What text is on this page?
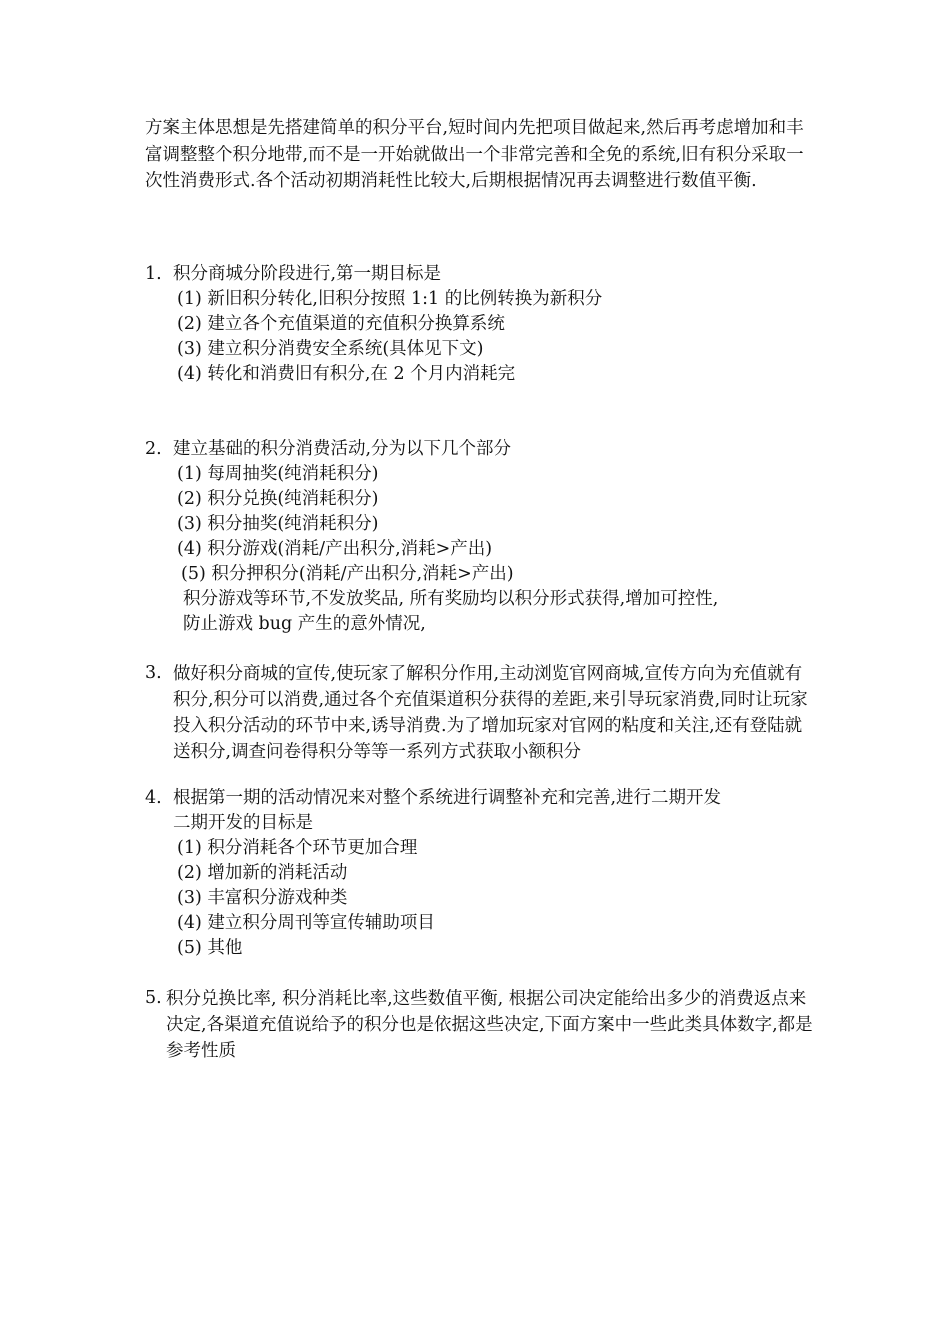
方案主体思想是先搭建简单的积分平台,短时间内先把项目做起来,然后再考虑增加和丰富调整整个积分地带,而不是一开始就做出一个非常完善和全免的系统,旧有积分采取一次性消费形式.各个活动初期消耗性比较大,后期根据情况再去调整进行数值平衡.
1. 积分商城分阶段进行,第一期目标是
(1) 新旧积分转化,旧积分按照 1:1 的比例转换为新积分
(2) 建立各个充值渠道的充值积分换算系统
(3) 建立积分消费安全系统(具体见下文)
(4) 转化和消费旧有积分,在 2 个月内消耗完
2. 建立基础的积分消费活动,分为以下几个部分
(1) 每周抽奖(纯消耗积分)
(2) 积分兑换(纯消耗积分)
(3) 积分抽奖(纯消耗积分)
(4) 积分游戏(消耗/产出积分,消耗>产出)
(5) 积分押积分(消耗/产出积分,消耗>产出)
积分游戏等环节,不发放奖品, 所有奖励均以积分形式获得,增加可控性,
防止游戏 bug 产生的意外情况,
3. 做好积分商城的宣传,使玩家了解积分作用,主动浏览官网商城,宣传方向为充值就有积分,积分可以消费,通过各个充值渠道积分获得的差距,来引导玩家消费,同时让玩家投入积分活动的环节中来,诱导消费.为了增加玩家对官网的粘度和关注,还有登陆就送积分,调查问卷得积分等等一系列方式获取小额积分
4. 根据第一期的活动情况来对整个系统进行调整补充和完善,进行二期开发
二期开发的目标是
(1) 积分消耗各个环节更加合理
(2) 增加新的消耗活动
(3) 丰富积分游戏种类
(4) 建立积分周刊等宣传辅助项目
(5) 其他
5. 积分兑换比率, 积分消耗比率,这些数值平衡, 根据公司决定能给出多少的消费返点来决定,各渠道充值说给予的积分也是依据这些决定,下面方案中一些此类具体数字,都是参考性质
